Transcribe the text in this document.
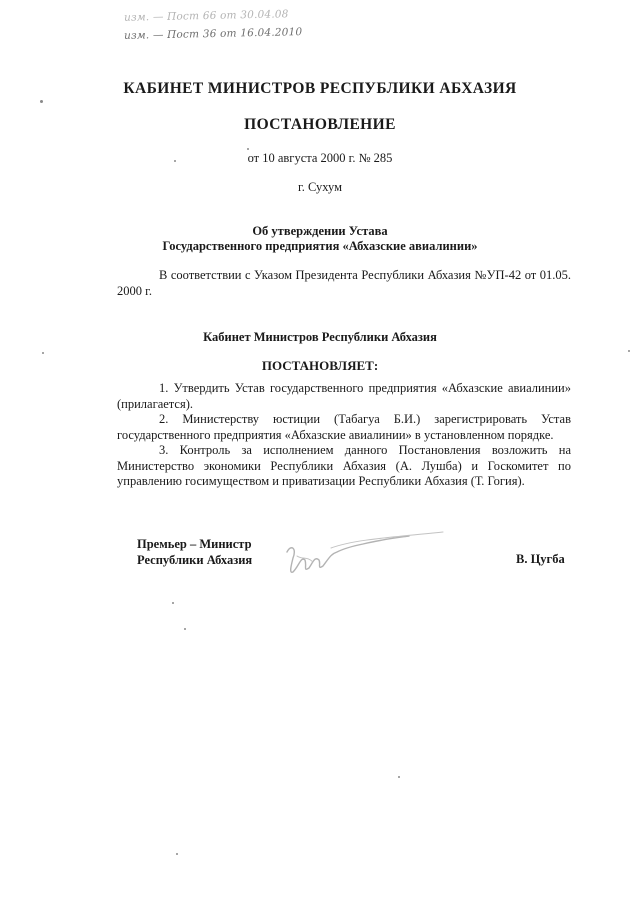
изм. — Пост 66 от 30.04.08
изм. — Пост 36 от 16.04.2010
КАБИНЕТ МИНИСТРОВ РЕСПУБЛИКИ АБХАЗИЯ
ПОСТАНОВЛЕНИЕ
от 10 августа 2000 г. № 285
г. Сухум
Об утверждении Устава
Государственного предприятия «Абхазские авиалинии»
В соответствии с Указом Президента Республики Абхазия №УП-42 от 01.05. 2000 г.
Кабинет Министров Республики Абхазия
ПОСТАНОВЛЯЕТ:
1. Утвердить Устав государственного предприятия «Абхазские авиалинии» (прилагается).
2. Министерству юстиции (Табагуа Б.И.) зарегистрировать Устав государственного предприятия «Абхазские авиалинии» в установленном порядке.
3. Контроль за исполнением данного Постановления возложить на Министерство экономики Республики Абхазия (А. Лушба) и Госкомитет по управлению госимуществом и приватизации Республики Абхазия (Т. Гогия).
Премьер – Министр
Республики Абхазия	В. Цугба
